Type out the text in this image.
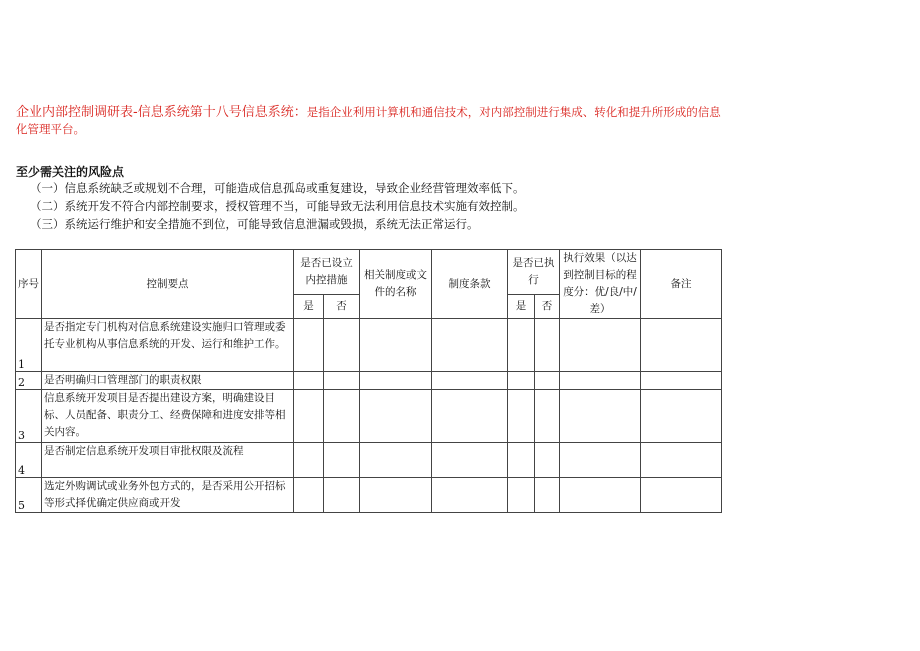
企业内部控制调研表-信息系统第十八号信息系统：是指企业利用计算机和通信技术，对内部控制进行集成、转化和提升所形成的信息化管理平台。
至少需关注的风险点
（一）信息系统缺乏或规划不合理，可能造成信息孤岛或重复建设，导致企业经营管理效率低下。
（二）系统开发不符合内部控制要求，授权管理不当，可能导致无法利用信息技术实施有效控制。
（三）系统运行维护和安全措施不到位，可能导致信息泄漏或毁损，系统无法正常运行。
序号	控制要点	是否已设立内控措施		相关制度或文件的名称	制度条款	是否已执行		执行效果（以达到控制目标的程度分：优/良/中/差）	备注
		是	否			是	否		
1	是否指定专门机构对信息系统建设实施归口管理或委托专业机构从事信息系统的开发、运行和维护工作。								
2	是否明确归口管理部门的职责权限								
3	信息系统开发项目是否提出建设方案，明确建设目标、人员配备、职责分工、经费保障和进度安排等相关内容。								
4	是否制定信息系统开发项目审批权限及流程								
5	选定外购调试或业务外包方式的，是否采用公开招标等形式择优确定供应商或开发								
